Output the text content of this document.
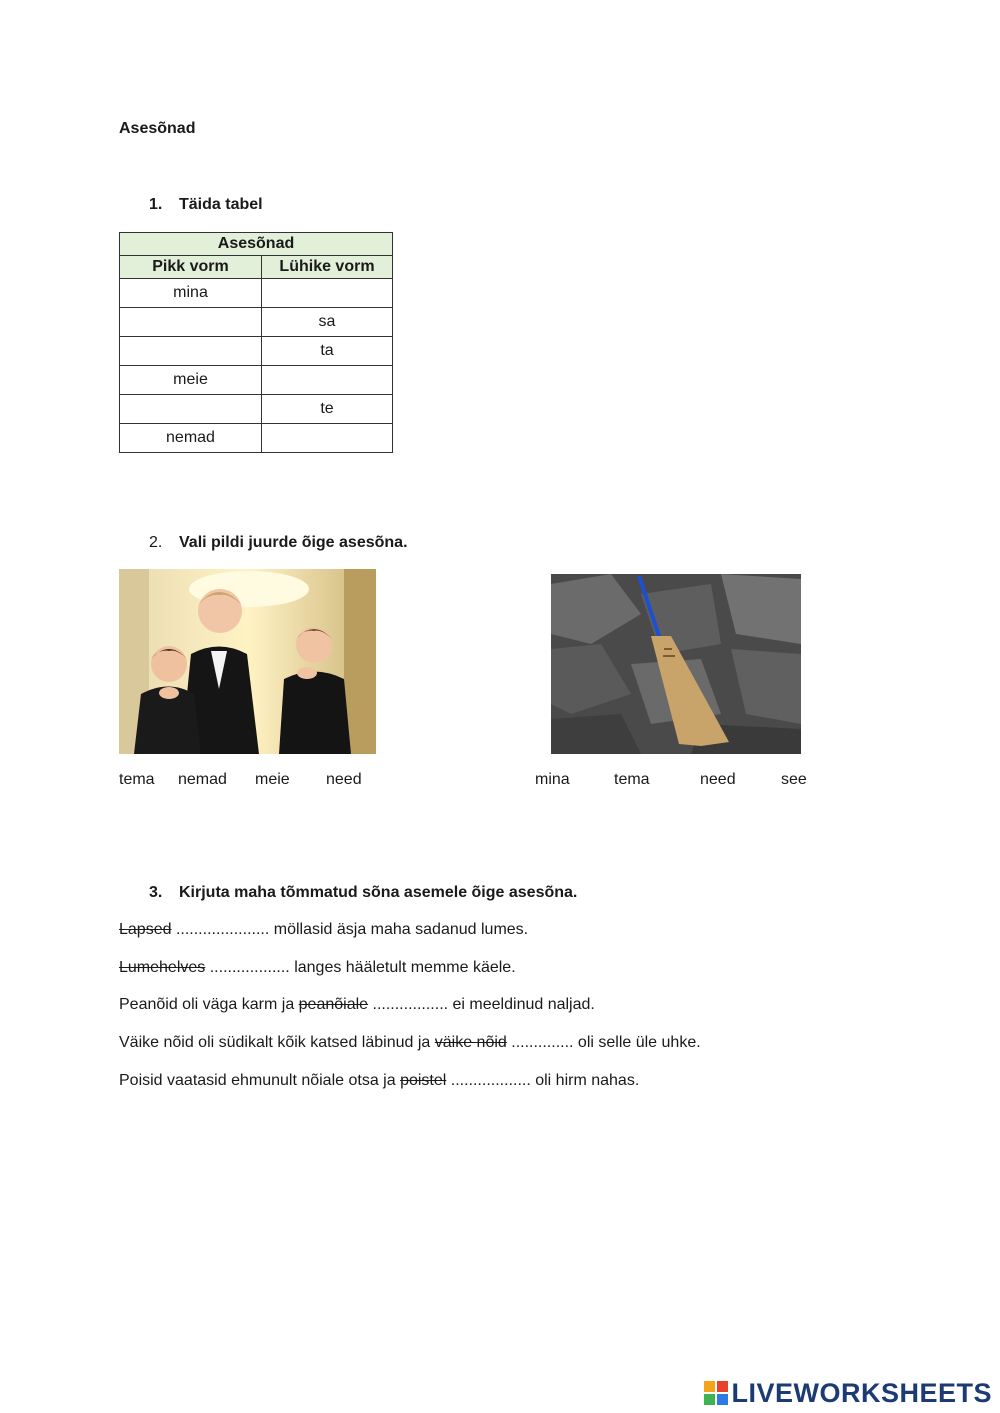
Asesõnad
1. Täida tabel
Asesõnad	
Pikk vorm	Lühike vorm
mina	
	sa
	ta
meie	
	te
nemad	
2. Vali pildi juurde õige asesõna.
tema nemad meie need	mina	tema	need	see
3. Kirjuta maha tõmmatud sõna asemele õige asesõna.
Lapsed ..................... möllasid äsja maha sadanud lumes.
Lumehelves .................. langes hääletult memme käele.
Peanõid oli väga karm ja peanõiale ................. ei meeldinud naljad.
Väike nõid oli südikalt kõik katsed läbinud ja väike nõid .............. oli selle üle uhke.
Poisid vaatasid ehmunult nõiale otsa ja poistel .................. oli hirm nahas.
LIVEWORKSHEETS
